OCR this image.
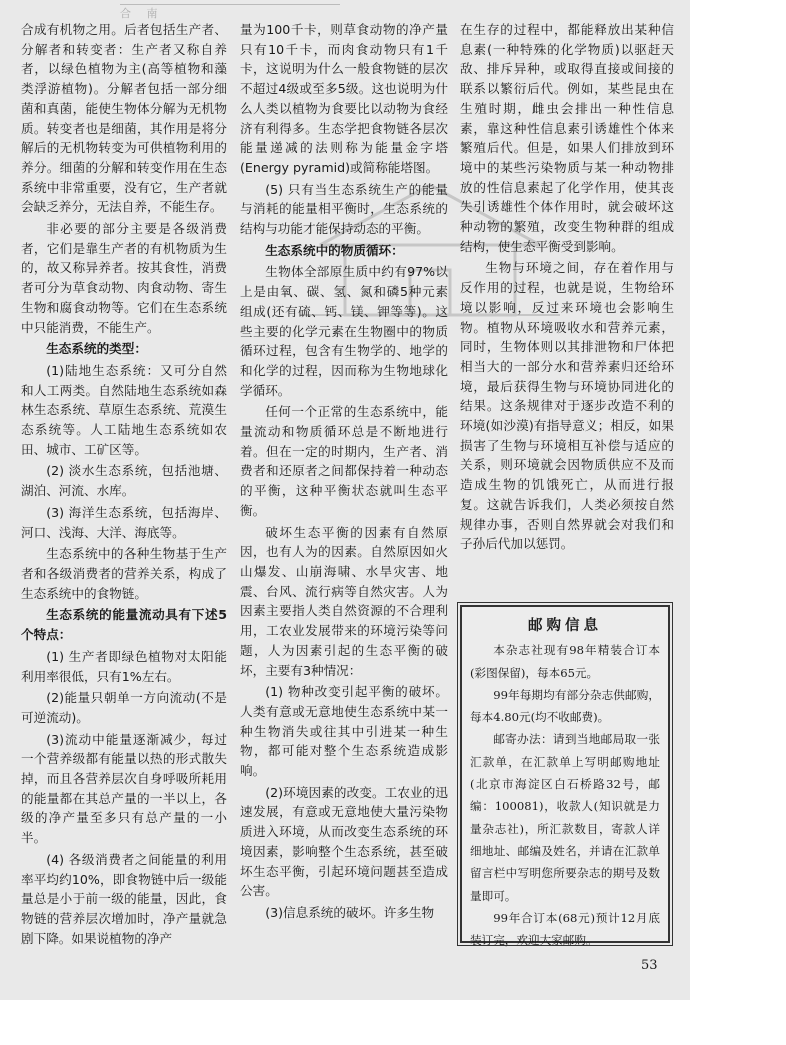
合 南

合成有机物之用。后者包括生产者、分解者和转变者：生产者又称自养者，以绿色植物为主(高等植物和藻类浮游植物)。分解者包括一部分细菌和真菌，能使生物体分解为无机物质。转变者也是细菌，其作用是将分解后的无机物转变为可供植物利用的养分。细菌的分解和转变作用在生态系统中非常重要，没有它，生产者就会缺乏养分，无法自养，不能生存。

非必要的部分主要是各级消费者，它们是靠生产者的有机物质为生的，故又称异养者。按其食性，消费者可分为草食动物、肉食动物、寄生生物和腐食动物等。它们在生态系统中只能消费，不能生产。

生态系统的类型：

(1)陆地生态系统：又可分自然和人工两类。自然陆地生态系统如森林生态系统、草原生态系统、荒漠生态系统等。人工陆地生态系统如农田、城市、工矿区等。

(2) 淡水生态系统，包括池塘、湖泊、河流、水库。

(3) 海洋生态系统，包括海岸、河口、浅海、大洋、海底等。

生态系统中的各种生物基于生产者和各级消费者的营养关系，构成了生态系统中的食物链。

生态系统的能量流动具有下述5个特点：

(1) 生产者即绿色植物对太阳能利用率很低，只有1%左右。

(2)能量只朝单一方向流动(不是可逆流动)。

(3)流动中能量逐渐减少，每过一个营养级都有能量以热的形式散失掉，而且各营养层次自身呼吸所耗用的能量都在其总产量的一半以上，各级的净产量至多只有总产量的一小半。

(4) 各级消费者之间能量的利用率平均约10%，即食物链中后一级能量总是小于前一级的能量，因此，食物链的营养层次增加时，净产量就急剧下降。如果说植物的净产

量为100千卡，则草食动物的净产量只有10千卡，而肉食动物只有1千卡，这说明为什么一般食物链的层次不超过4级或至多5级。这也说明为什么人类以植物为食要比以动物为食经济有利得多。生态学把食物链各层次能量递减的法则称为能量金字塔(Energy pyramid)或简称能塔图。

(5) 只有当生态系统生产的能量与消耗的能量相平衡时，生态系统的结构与功能才能保持动态的平衡。

生态系统中的物质循环：

生物体全部原生质中约有97%以上是由氧、碳、氢、氮和磷5种元素组成(还有硫、钙、镁、钾等等)。这些主要的化学元素在生物圈中的物质循环过程，包含有生物学的、地学的和化学的过程，因而称为生物地球化学循环。

任何一个正常的生态系统中，能量流动和物质循环总是不断地进行着。但在一定的时期内，生产者、消费者和还原者之间都保持着一种动态的平衡，这种平衡状态就叫生态平衡。

破坏生态平衡的因素有自然原因，也有人为的因素。自然原因如火山爆发、山崩海啸、水旱灾害、地震、台风、流行病等自然灾害。人为因素主要指人类自然资源的不合理利用，工农业发展带来的环境污染等问题，人为因素引起的生态平衡的破坏，主要有3种情况：

(1) 物种改变引起平衡的破坏。人类有意或无意地使生态系统中某一种生物消失或往其中引进某一种生物，都可能对整个生态系统造成影响。

(2)环境因素的改变。工农业的迅速发展，有意或无意地使大量污染物质进入环境，从而改变生态系统的环境因素，影响整个生态系统，甚至破坏生态平衡，引起环境问题甚至造成公害。

(3)信息系统的破坏。许多生物

在生存的过程中，都能释放出某种信息素(一种特殊的化学物质)以驱赶天敌、排斥异种，或取得直接或间接的联系以繁衍后代。例如，某些昆虫在生殖时期，雌虫会排出一种性信息素，靠这种性信息素引诱雄性个体来繁殖后代。但是，如果人们排放到环境中的某些污染物质与某一种动物排放的性信息素起了化学作用，使其丧失引诱雄性个体作用时，就会破坏这种动物的繁殖，改变生物种群的组成结构，使生态平衡受到影响。

生物与环境之间，存在着作用与反作用的过程，也就是说，生物给环境以影响，反过来环境也会影响生物。植物从环境吸收水和营养元素，同时，生物体则以其排泄物和尸体把相当大的一部分水和营养素归还给环境，最后获得生物与环境协同进化的结果。这条规律对于逐步改造不利的环境(如沙漠)有指导意义；相反，如果损害了生物与环境相互补偿与适应的关系，则环境就会因物质供应不及而造成生物的饥饿死亡，从而进行报复。这就告诉我们，人类必须按自然规律办事，否则自然界就会对我们和子孙后代加以惩罚。

邮购信息

本杂志社现有98年精装合订本(彩图保留)，每本65元。

99年每期均有部分杂志供邮购，每本4.80元(均不收邮费)。

邮寄办法：请到当地邮局取一张汇款单，在汇款单上写明邮购地址(北京市海淀区白石桥路32号，邮编：100081)，收款人(知识就是力量杂志社)，所汇款数目，寄款人详细地址、邮编及姓名，并请在汇款单留言栏中写明您所要杂志的期号及数量即可。

99年合订本(68元)预计12月底装订完，欢迎大家邮购。

53
